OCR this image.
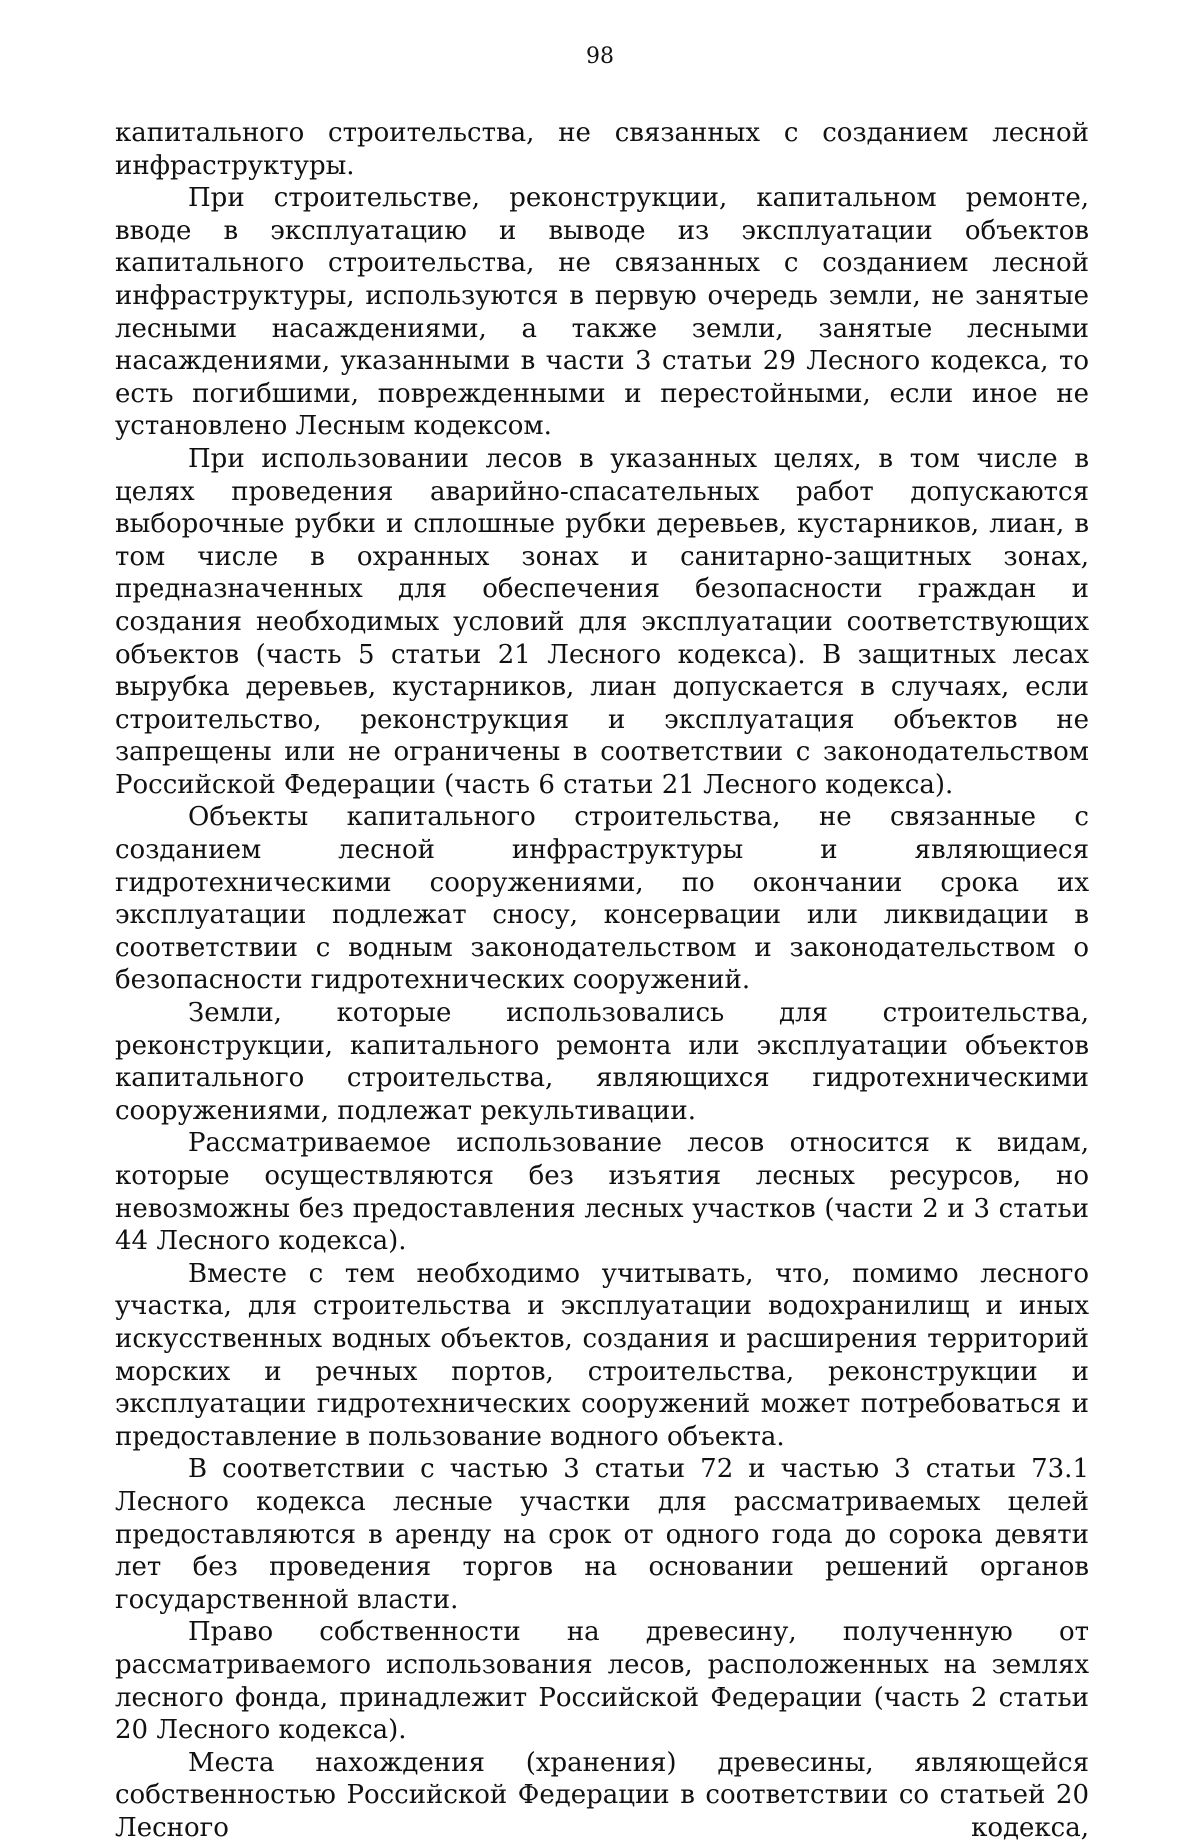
98

капитального строительства, не связанных с созданием лесной инфраструктуры.

При строительстве, реконструкции, капитальном ремонте, вводе в эксплуатацию и выводе из эксплуатации объектов капитального строительства, не связанных с созданием лесной инфраструктуры, используются в первую очередь земли, не занятые лесными насаждениями, а также земли, занятые лесными насаждениями, указанными в части 3 статьи 29 Лесного кодекса, то есть погибшими, поврежденными и перестойными, если иное не установлено Лесным кодексом.

При использовании лесов в указанных целях, в том числе в целях проведения аварийно-спасательных работ допускаются выборочные рубки и сплошные рубки деревьев, кустарников, лиан, в том числе в охранных зонах и санитарно-защитных зонах, предназначенных для обеспечения безопасности граждан и создания необходимых условий для эксплуатации соответствующих объектов (часть 5 статьи 21 Лесного кодекса). В защитных лесах вырубка деревьев, кустарников, лиан допускается в случаях, если строительство, реконструкция и эксплуатация объектов не запрещены или не ограничены в соответствии с законодательством Российской Федерации (часть 6 статьи 21 Лесного кодекса).

Объекты капитального строительства, не связанные с созданием лесной инфраструктуры и являющиеся гидротехническими сооружениями, по окончании срока их эксплуатации подлежат сносу, консервации или ликвидации в соответствии с водным законодательством и законодательством о безопасности гидротехнических сооружений.

Земли, которые использовались для строительства, реконструкции, капитального ремонта или эксплуатации объектов капитального строительства, являющихся гидротехническими сооружениями, подлежат рекультивации.

Рассматриваемое использование лесов относится к видам, которые осуществляются без изъятия лесных ресурсов, но невозможны без предоставления лесных участков (части 2 и 3 статьи 44 Лесного кодекса).

Вместе с тем необходимо учитывать, что, помимо лесного участка, для строительства и эксплуатации водохранилищ и иных искусственных водных объектов, создания и расширения территорий морских и речных портов, строительства, реконструкции и эксплуатации гидротехнических сооружений может потребоваться и предоставление в пользование водного объекта.

В соответствии с частью 3 статьи 72 и частью 3 статьи 73.1 Лесного кодекса лесные участки для рассматриваемых целей предоставляются в аренду на срок от одного года до сорока девяти лет без проведения торгов на основании решений органов государственной власти.

Право собственности на древесину, полученную от рассматриваемого использования лесов, расположенных на землях лесного фонда, принадлежит Российской Федерации (часть 2 статьи 20 Лесного кодекса).

Места нахождения (хранения) древесины, являющейся собственностью Российской Федерации в соответствии со статьей 20 Лесного кодекса,
